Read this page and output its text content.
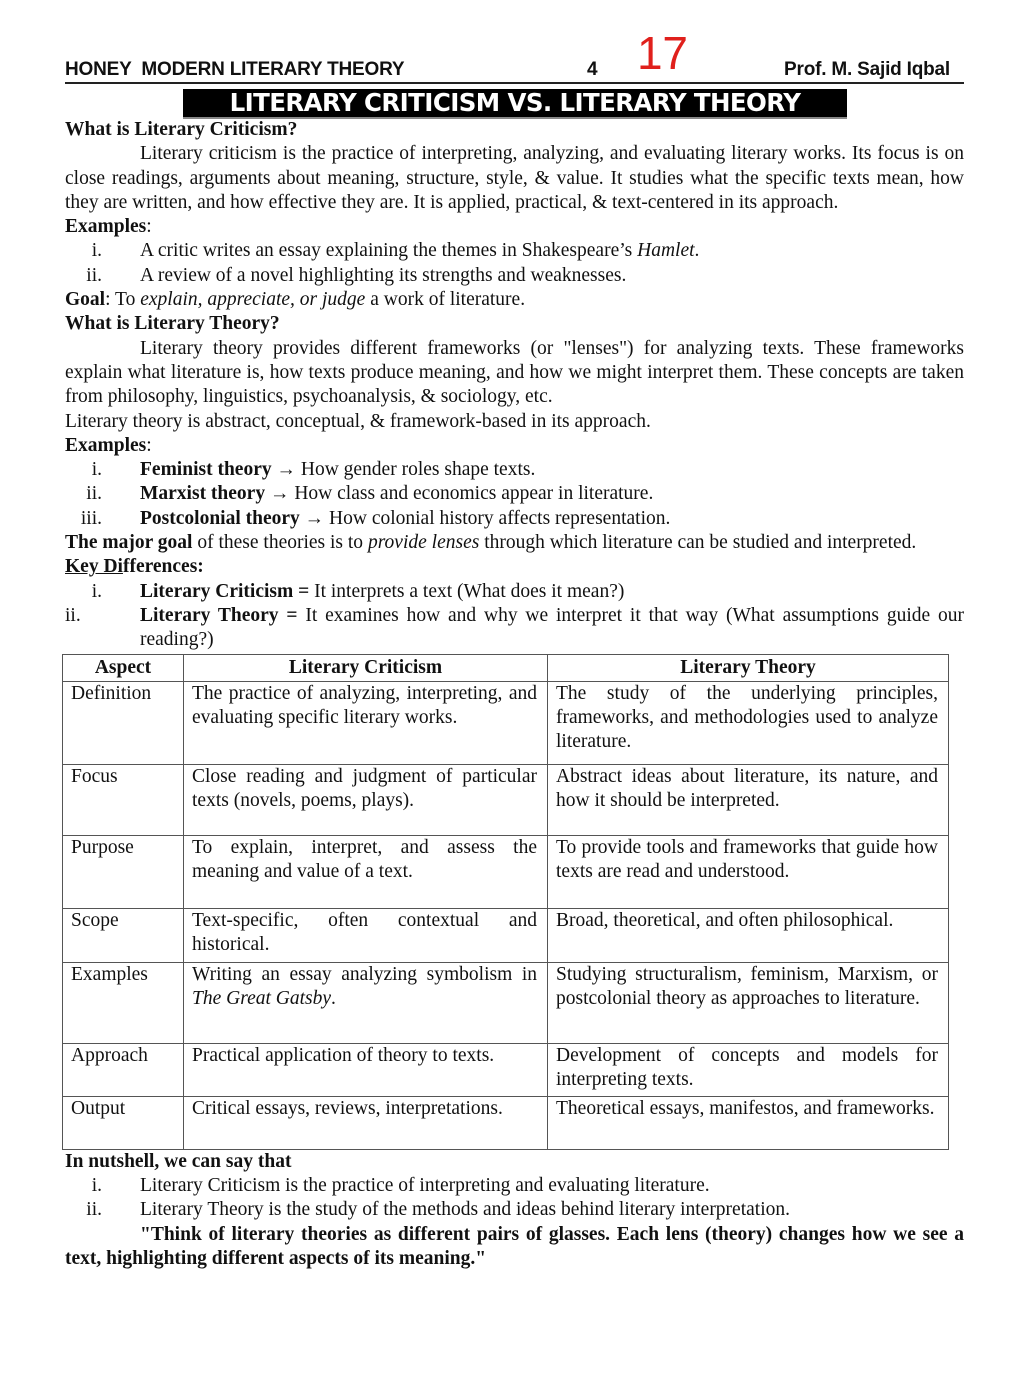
HONEY  MODERN LITERARY THEORY	4 17	Prof. M. Sajid Iqbal
LITERARY CRITICISM VS. LITERARY THEORY

What is Literary Criticism?

Literary criticism is the practice of interpreting, analyzing, and evaluating literary works. Its focus is on close readings, arguments about meaning, structure, style, & value. It studies what the specific texts mean, how they are written, and how effective they are. It is applied, practical, & text-centered in its approach.

Examples:

i. A critic writes an essay explaining the themes in Shakespeare’s Hamlet.
ii. A review of a novel highlighting its strengths and weaknesses.

Goal: To explain, appreciate, or judge a work of literature.

What is Literary Theory?

Literary theory provides different frameworks (or "lenses") for analyzing texts. These frameworks explain what literature is, how texts produce meaning, and how we might interpret them. These concepts are taken from philosophy, linguistics, psychoanalysis, & sociology, etc.

Literary theory is abstract, conceptual, & framework-based in its approach.

Examples:

i. Feminist theory → How gender roles shape texts.
ii. Marxist theory → How class and economics appear in literature.
iii. Postcolonial theory → How colonial history affects representation.

The major goal of these theories is to provide lenses through which literature can be studied and interpreted.

Key Differences:

i. Literary Criticism = It interprets a text (What does it mean?)
ii.	Literary Theory = It examines how and why we interpret it that way (What assumptions guide our reading?)
Aspect	Literary Criticism	Literary Theory
Definition	The practice of analyzing, interpreting, and evaluating specific literary works.	The study of the underlying principles, frameworks, and methodologies used to analyze literature.
Focus	Close reading and judgment of particular texts (novels, poems, plays).	Abstract ideas about literature, its nature, and how it should be interpreted.
Purpose	To explain, interpret, and assess the meaning and value of a text.	To provide tools and frameworks that guide how texts are read and understood.
Scope	Text-specific, often contextual and historical.	Broad, theoretical, and often philosophical.
Examples	Writing an essay analyzing symbolism in The Great Gatsby.	Studying structuralism, feminism, Marxism, or postcolonial theory as approaches to literature.
Approach	Practical application of theory to texts.	Development of concepts and models for interpreting texts.
Output	Critical essays, reviews, interpretations.	Theoretical essays, manifestos, and frameworks.

In nutshell, we can say that

i. Literary Criticism is the practice of interpreting and evaluating literature.
ii. Literary Theory is the study of the methods and ideas behind literary interpretation.

"Think of literary theories as different pairs of glasses. Each lens (theory) changes how we see a text, highlighting different aspects of its meaning."
